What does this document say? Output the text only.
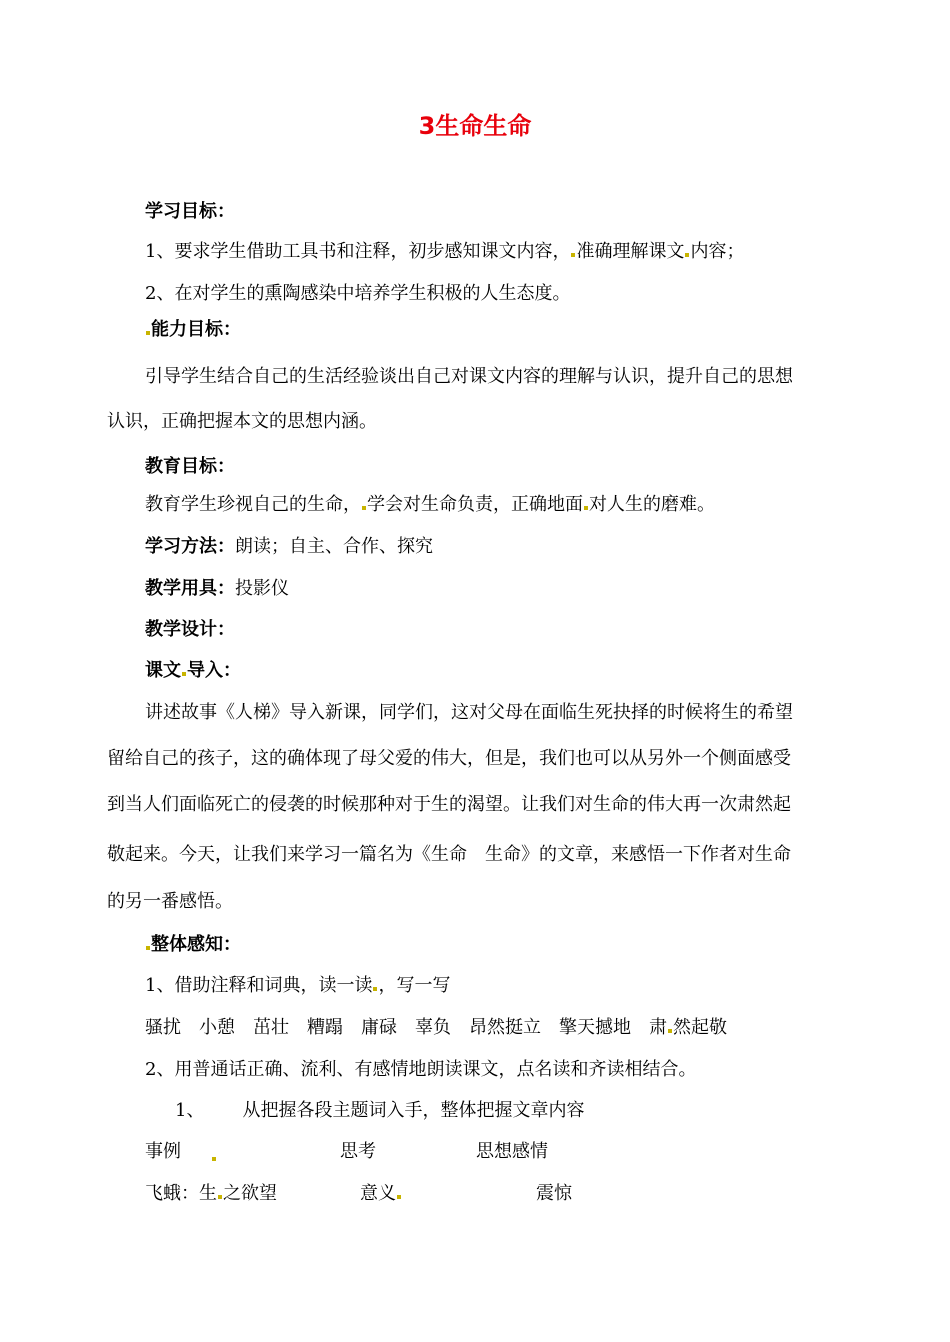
3生命生命
学习目标：
1、要求学生借助工具书和注释，初步感知课文内容， 准确理解课文 内容；
2、在对学生的熏陶感染中培养学生积极的人生态度。
能力目标：
引导学生结合自己的生活经验谈出自己对课文内容的理解与认识，提升自己的思想
认识，正确把握本文的思想内涵。
教育目标：
教育学生珍视自己的生命， 学会对生命负责，正确地面 对人生的磨难。
学习方法：朗读；自主、合作、探究
教学用具：投影仪
教学设计：
课文 导入：
讲述故事《人梯》导入新课，同学们，这对父母在面临生死抉择的时候将生的希望
留给自己的孩子，这的确体现了母父爱的伟大，但是，我们也可以从另外一个侧面感受
到当人们面临死亡的侵袭的时候那种对于生的渴望。让我们对生命的伟大再一次肃然起
敬起来。今天，让我们来学习一篇名为《生命　生命》的文章，来感悟一下作者对生命
的另一番感悟。
整体感知：
1、借助注释和词典，读一读 ，写一写
骚扰　小憩　茁壮　糟蹋　庸碌　辜负　昂然挺立　擎天撼地　肃 然起敬
2、用普通话正确、流利、有感情地朗读课文，点名读和齐读相结合。
1、 从把握各段主题词入手，整体把握文章内容
事例	思考	思想感情
飞蛾：生 之欲望	意义	震惊
